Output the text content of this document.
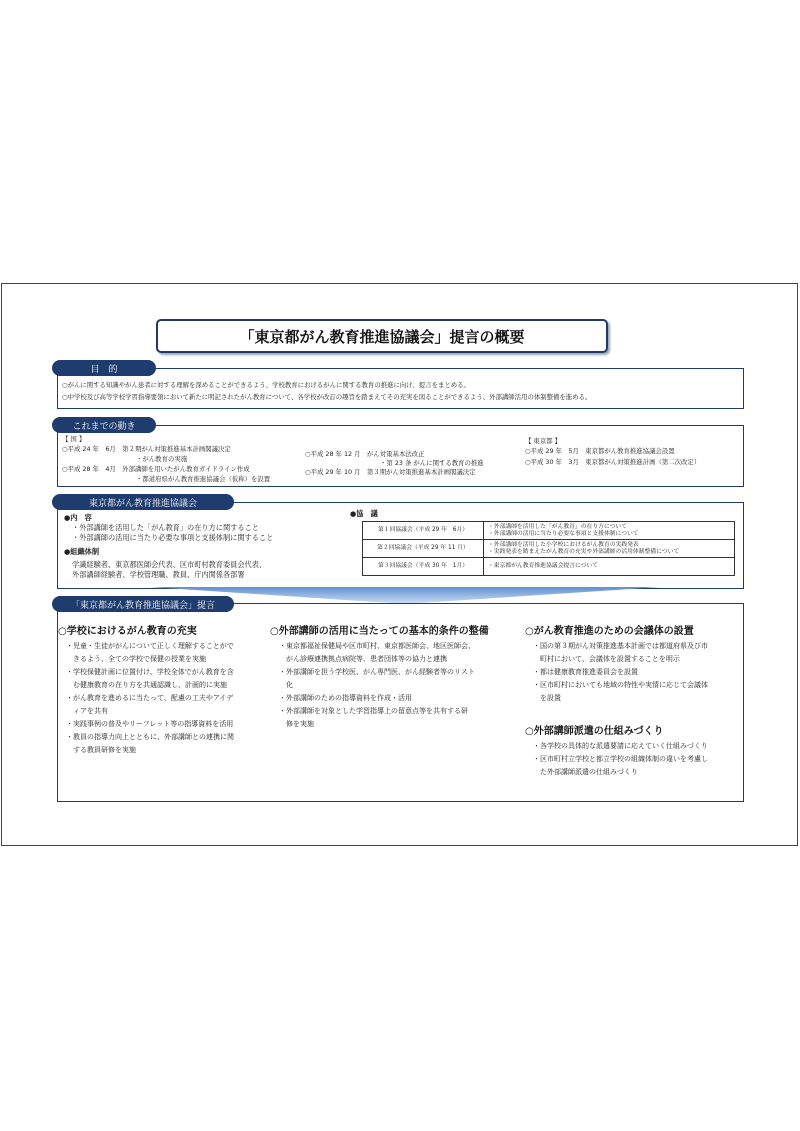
「東京都がん教育推進協議会」提言の概要
目　的
○がんに関する知識やがん患者に対する理解を深めることができるよう、学校教育におけるがんに関する教育の推進に向け、提言をまとめる。
○中学校及び高等学校学習指導要領において新たに明記されたがん教育について、各学校が改訂の趣旨を踏まえてその充実を図ることができるよう、外部講師活用の体制整備を進める。
これまでの動き
【 国 】
○平成 24 年　6月　第２期がん対策推進基本計画閣議決定
・がん教育の実施
○平成 28 年　4月　外部講師を用いたがん教育ガイドライン作成
・都道府県がん教育推進協議会（仮称）を設置
○平成 28 年 12 月　がん対策基本法改正
・第 23 条 がんに関する教育の推進
○平成 29 年 10 月　第３期がん対策推進基本計画閣議決定
【 東京都 】
○平成 29 年　5月　東京都がん教育推進協議会設置
○平成 30 年　3月　東京都がん対策推進計画（第二次改定）
東京都がん教育推進協議会
●内　容
・外部講師を活用した「がん教育」の在り方に関すること
・外部講師の活用に当たり必要な事項と支援体制に関すること
●組織体制
学識経験者、東京都医師会代表、区市町村教育委員会代表、
外部講師経験者、学校管理職、教員、庁内関係各部署
●協　議
第１回協議会（平成 29 年　6月）	・外部講師を活用した「がん教育」の在り方について
・外部講師の活用に当たり必要な事項と支援体制について

第２回協議会（平成 29 年 11 月）	・外部講師を活用した小学校におけるがん教育の実践発表
・実践発表を踏まえたがん教育の充実や外部講師の活用体制整備について

第３回協議会（平成 30 年　1月）	・東京都がん教育推進協議会提言について
「東京都がん教育推進協議会」提言
○学校におけるがん教育の充実
・児童・生徒ががんについて正しく理解することがで
　きるよう、全ての学校で保健の授業を実施
・学校保健計画に位置付け、学校全体でがん教育を含
　む健康教育の在り方を共通認識し、計画的に実施
・がん教育を進めるに当たって、配慮の工夫やアイデ
　ィアを共有
・実践事例の普及やリーフレット等の指導資料を活用
・教員の指導力向上とともに、外部講師との連携に関
　する教員研修を実施
○外部講師の活用に当たっての基本的条件の整備
・東京都福祉保健局や区市町村、東京都医師会、地区医師会、
　がん診療連携拠点病院等、患者団体等の協力と連携
・外部講師を担う学校医、がん専門医、がん経験者等のリスト
　化
・外部講師のための指導資料を作成・活用
・外部講師を対象とした学習指導上の留意点等を共有する研
　修を実施
○がん教育推進のための会議体の設置
・国の第３期がん対策推進基本計画では都道府県及び市
　町村において、会議体を設置することを明示
・都は健康教育推進委員会を設置
・区市町村においても地域の特性や実情に応じて会議体
　を設置
○外部講師派遣の仕組みづくり
・各学校の具体的な派遣要請に応えていく仕組みづくり
・区市町村立学校と都立学校の組織体制の違いを考慮し
　た外部講師派遣の仕組みづくり
